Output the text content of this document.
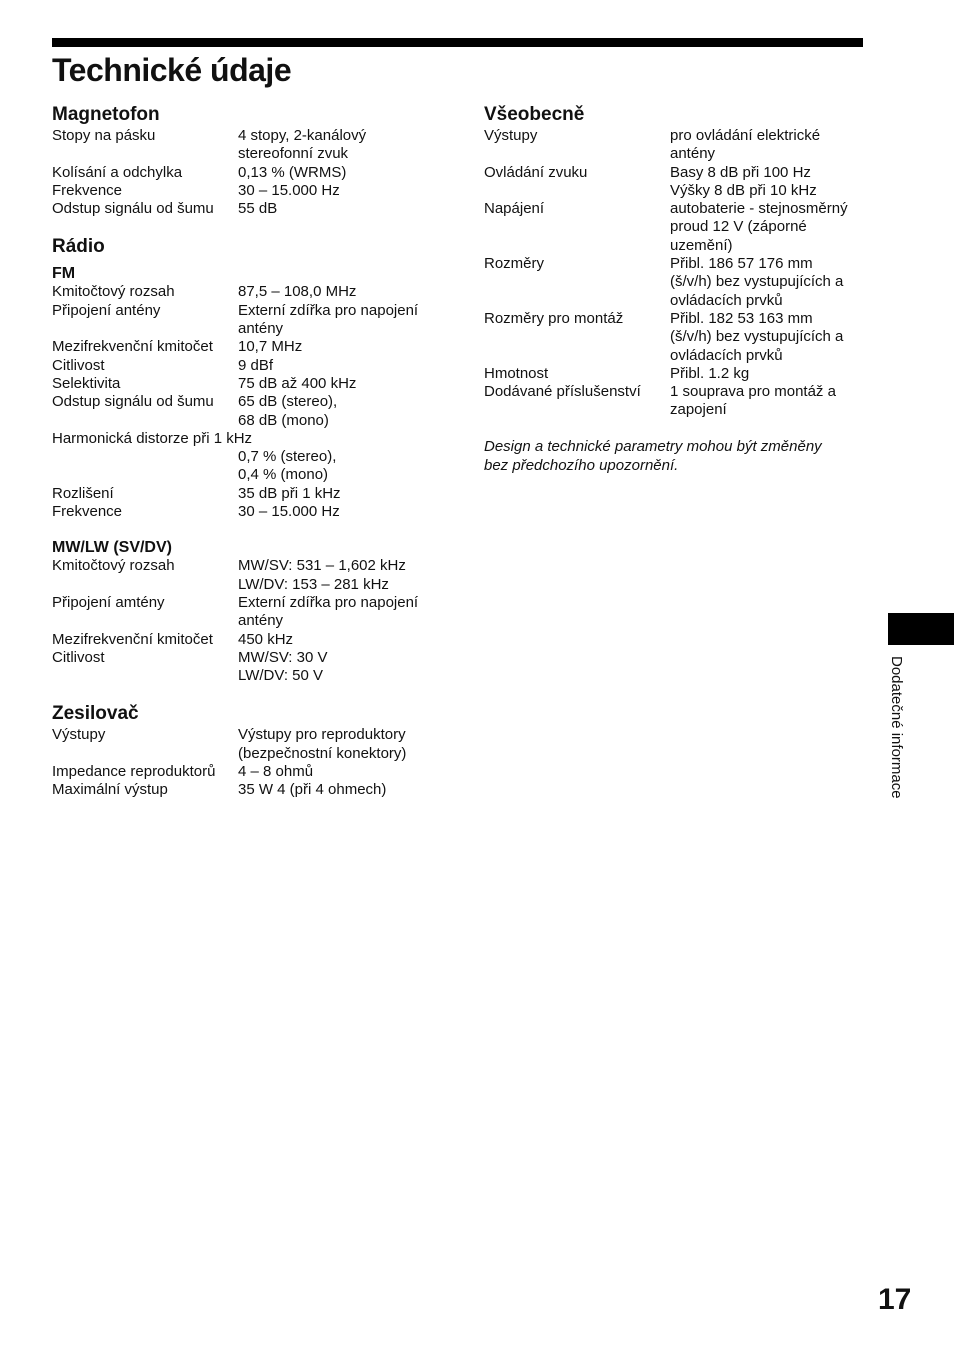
Technické údaje
Magnetofon
Stopy na pásku	4 stopy, 2-kanálový
stereofonní zvuk
Kolísání a odchylka	0,13 % (WRMS)
Frekvence	30 – 15.000 Hz
Odstup signálu od šumu	55 dB
Rádio
FM
Kmitočtový rozsah	87,5 – 108,0 MHz
Připojení antény	Externí zdířka pro napojení
antény
Mezifrekvenční kmitočet	10,7 MHz
Citlivost	9 dBf
Selektivita	75 dB až 400 kHz
Odstup signálu od šumu	65 dB (stereo),
68 dB (mono)
Harmonická distorze při 1 kHz
0,7 % (stereo),
0,4 % (mono)
Rozlišení	35 dB při 1 kHz
Frekvence	30 – 15.000 Hz
MW/LW (SV/DV)
Kmitočtový rozsah	MW/SV: 531 – 1,602 kHz
LW/DV: 153 – 281 kHz
Připojení amtény	Externí zdířka pro napojení
antény
Mezifrekvenční kmitočet	450 kHz
Citlivost	MW/SV: 30 V
LW/DV: 50 V
Zesilovač
Výstupy	Výstupy pro reproduktory
(bezpečnostní konektory)
Impedance reproduktorů	4 – 8 ohmů
Maximální výstup	35 W 4 (při 4 ohmech)
Všeobecně
Výstupy	pro ovládání elektrické
antény
Ovládání zvuku	Basy 8 dB při 100 Hz
Výšky 8 dB při 10 kHz
Napájení	autobaterie - stejnosměrný
proud 12 V (záporné
uzemění)
Rozměry	Přibl. 186 57 176 mm
(š/v/h) bez vystupujících a
ovládacích prvků
Rozměry pro montáž	Přibl. 182 53 163 mm
(š/v/h) bez vystupujících a
ovládacích prvků
Hmotnost	Přibl. 1.2 kg
Dodávané příslušenství	1 souprava pro montáž a
zapojení

Design a technické parametry mohou být změněny
bez předchozího upozornění.

Dodatečné informace
17
